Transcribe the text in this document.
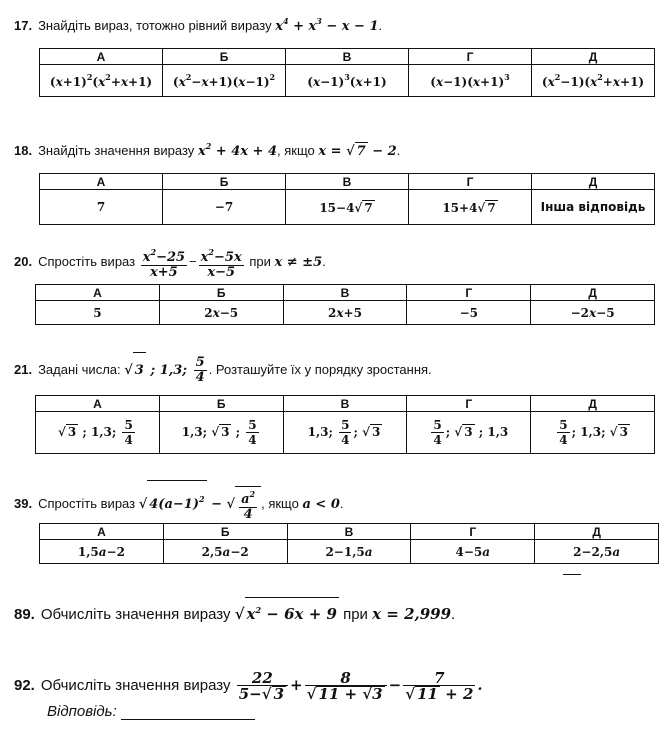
17. Знайдіть вираз, тотожно рівний виразу $x^4 + x^3 - x - 1$.
А	Б	В	Г	Д
$(x+1)^2(x^2+x+1)$	$(x^2-x+1)(x-1)^2$	$(x-1)^3(x+1)$	$(x-1)(x+1)^3$	$(x^2-1)(x^2+x+1)$
18. Знайдіть значення виразу $x^2 + 4x + 4$, якщо x = √ 7 − 2.
А	Б	В	Г	Д
7	−7	15−4√ 7	15+4√ 7	Інша відповідь
20. Спростіть вираз $\frac{x^2-25}{x+5} - \frac{x^2-5x}{x-5}$ при x ≠ ±5.
А	Б	В	Г	Д
5	2x−5	2x+5	−5	−2x−5
21. Задані числа: √ 3 ; 1,3; $\frac{5}{4}$ . Розташуйте їх у порядку зростання.
А	Б	В	Г	Д
√ 3 ; 1,3; $\frac{5}{4}$	1,3; √ 3 ; $\frac{5}{4}$	1,3; $\frac{5}{4}$ ; √ 3	$\frac{5}{4}$ ; √ 3 ; 1,3	$\frac{5}{4}$ ; 1,3; √ 3
39. Спростіть вираз √ $4(a-1)^2$ − √ $\frac{a^2}{4}$ , якщо a < 0.
А	Б	В	Г	Д
1,5a−2	2,5a−2	2−1,5a	4−5a	2−2,5a
89. Обчисліть значення виразу √ $x^2 - 6x + 9$ при x = 2,999.
92. Обчисліть значення виразу $\frac{22}{5-√ 3} + \frac{8}{√ 11 + √3} - \frac{7}{√ 11 + 2}$ .
Відповідь:
